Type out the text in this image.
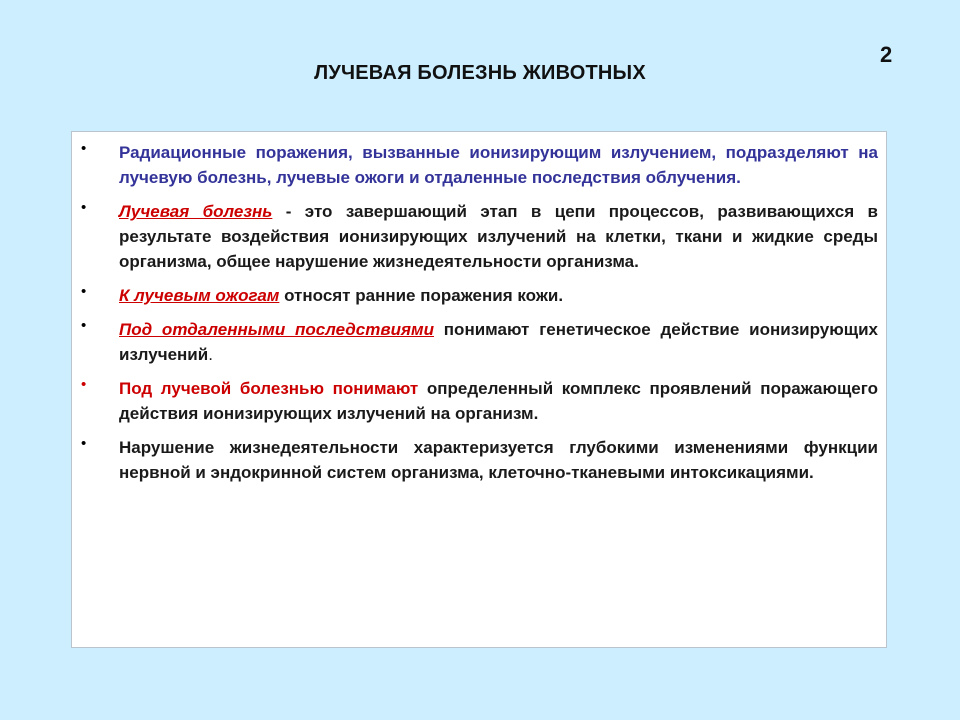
2
ЛУЧЕВАЯ БОЛЕЗНЬ ЖИВОТНЫХ
• Радиационные поражения, вызванные ионизирующим излучением, подразделяют на лучевую болезнь, лучевые ожоги и отдаленные последствия облучения.
• Лучевая болезнь - это завершающий этап в цепи процессов, развивающихся в результате воздействия ионизирующих излучений на клетки, ткани и жидкие среды организма, общее нарушение жизнедеятельности организма.
• К лучевым ожогам относят ранние поражения кожи.
• Под отдаленными последствиями понимают генетическое действие ионизирующих излучений.
• Под лучевой болезнью понимают определенный комплекс проявлений поражающего действия ионизирующих излучений на организм.
• Нарушение жизнедеятельности характеризуется глубокими изменениями функции нервной и эндокринной систем организма, клеточно-тканевыми интоксикациями.
